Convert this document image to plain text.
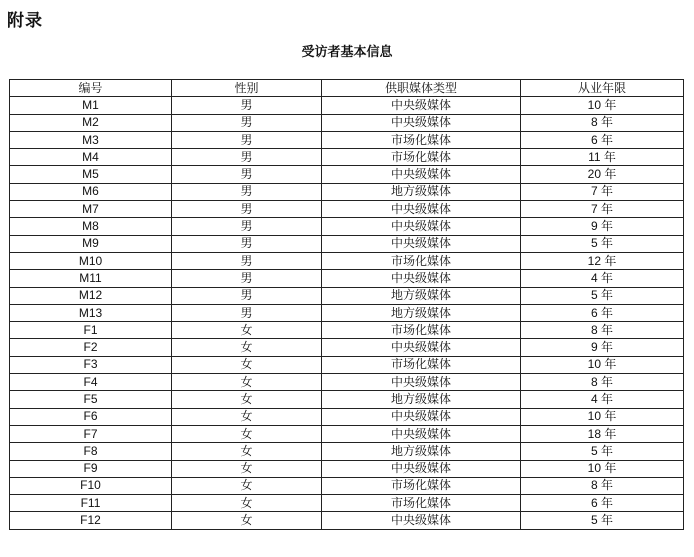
附录
受访者基本信息
编号	性别	供职媒体类型	从业年限
M1	男	中央级媒体	10 年
M2	男	中央级媒体	8 年
M3	男	市场化媒体	6 年
M4	男	市场化媒体	11 年
M5	男	中央级媒体	20 年
M6	男	地方级媒体	7 年
M7	男	中央级媒体	7 年
M8	男	中央级媒体	9 年
M9	男	中央级媒体	5 年
M10	男	市场化媒体	12 年
M11	男	中央级媒体	4 年
M12	男	地方级媒体	5 年
M13	男	地方级媒体	6 年
F1	女	市场化媒体	8 年
F2	女	中央级媒体	9 年
F3	女	市场化媒体	10 年
F4	女	中央级媒体	8 年
F5	女	地方级媒体	4 年
F6	女	中央级媒体	10 年
F7	女	中央级媒体	18 年
F8	女	地方级媒体	5 年
F9	女	中央级媒体	10 年
F10	女	市场化媒体	8 年
F11	女	市场化媒体	6 年
F12	女	中央级媒体	5 年
